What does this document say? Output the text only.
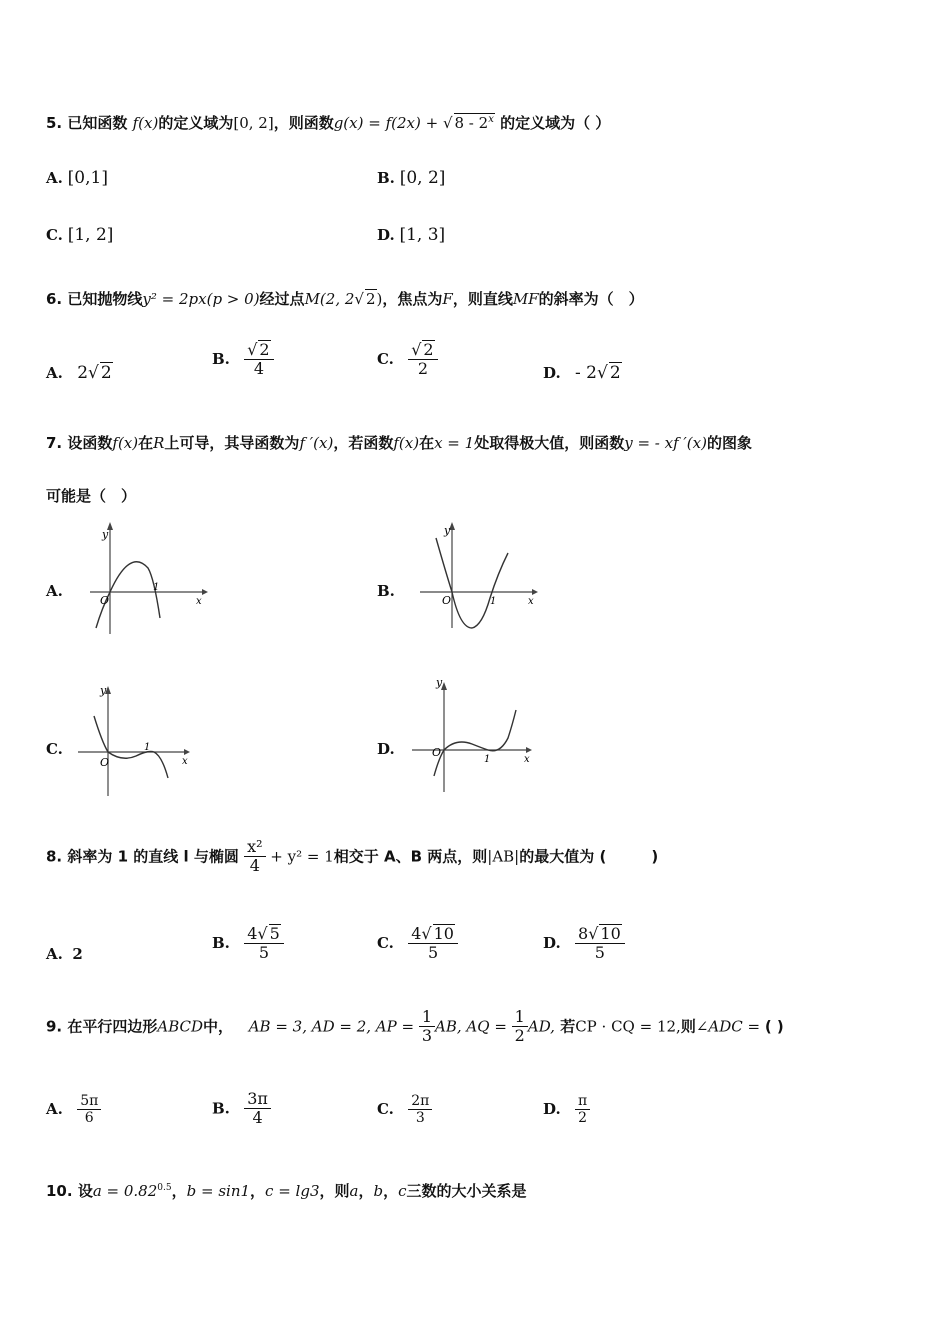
5. 已知函数 f(x)的定义域为[0, 2]，则函数g(x) = f(2x) + √ 8 - 2$^x$ 的定义域为（ ）
A. [0,1]	B. [0, 2]
C. [1, 2]	D. [1, 3]
6. 已知抛物线y² = 2px(p > 0)经过点M(2, 2√ 2)，焦点为F，则直线MF的斜率为（　）
A. 2√ 2
B. $\frac{√ 2}{4}$	C. $\frac{√ 2}{2}$	D. - 2√ 2
7. 设函数f(x)在R上可导，其导函数为f ′(x)，若函数f(x)在x = 1处取得极大值，则函数y = - xf ′(x)的图象
可能是（　）
A.
y
O
1
x
B.
y
O	1	x
C.
y
O
1
x
D.
y
O
1	x
8. 斜率为 1 的直线 l 与椭圆 $\frac{\text{x²}}{4} + y^2 = 1$相交于 A、B 两点，则|AB|的最大值为 (　　　)
A. 2
B. $\frac{4√ 5}{5}$	C. $\frac{4√ 10}{5}$	D. $\frac{8√ 10}{5}$
9. 在平行四边形ABCD中， AB = 3, AD = 2, AP = $\frac{1}{3}$ AB, AQ = $\frac{1}{2}$ AD, 若CP · CQ = 12,则∠ADC = ( )
A. $\frac{5\pi}{6}$	B. $\frac{3\pi}{4}$	C. $\frac{2\pi}{3}$	D. $\frac{\pi}{2}$
10. 设$a = 0.82^{0.5}$，b = sin1，c = lg3，则a，b，c三数的大小关系是
